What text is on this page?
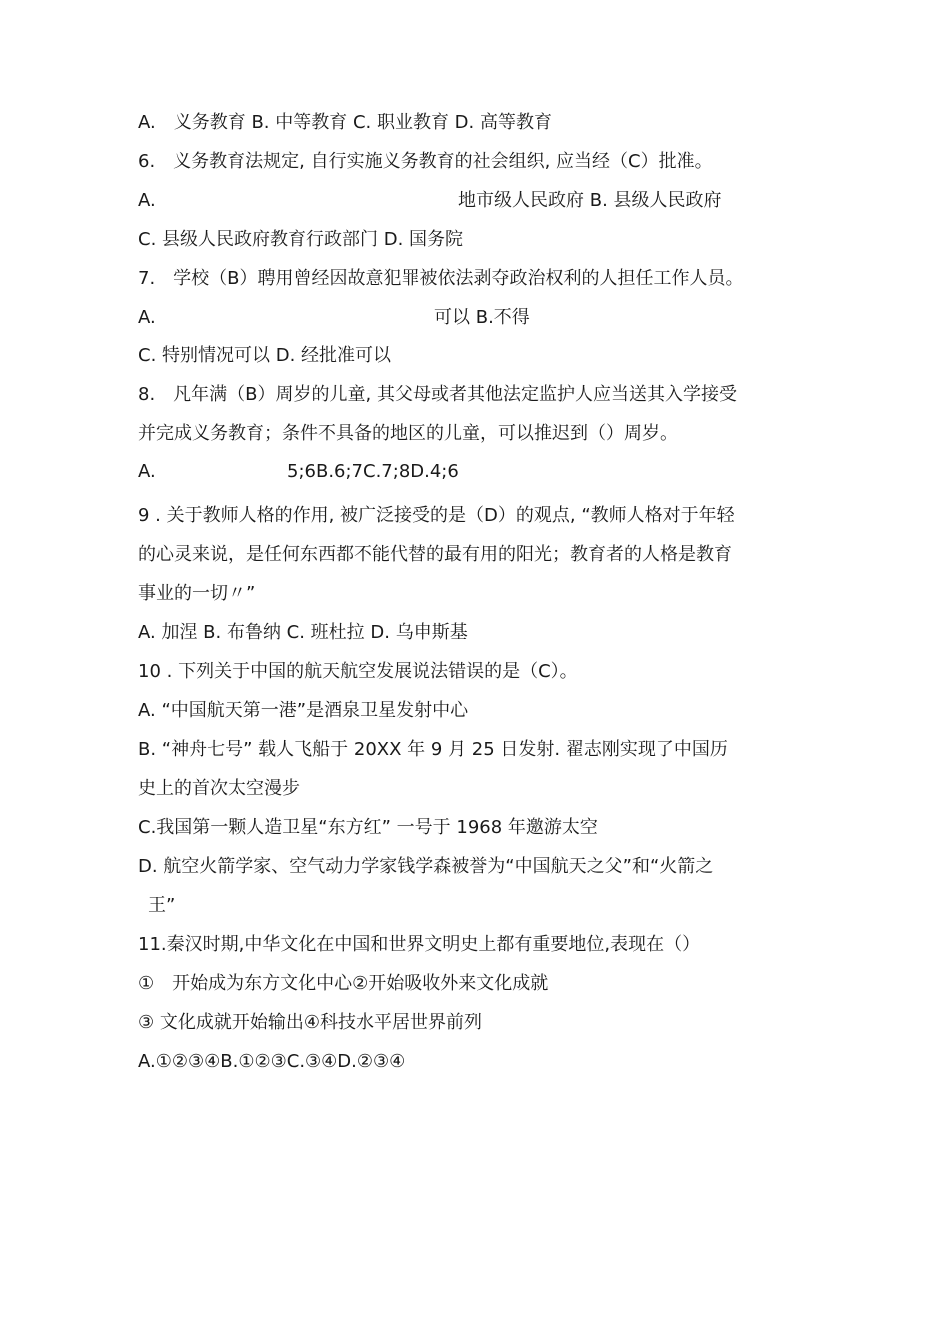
A.　义务教育 B. 中等教育 C. 职业教育 D. 高等教育
6.　义务教育法规定, 自行实施义务教育的社会组织, 应当经（C）批准。
A.	地市级人民政府 B. 县级人民政府
C. 县级人民政府教育行政部门 D. 国务院
7.　学校（B）聘用曾经因故意犯罪被依法剥夺政治权利的人担任工作人员。
A.	可以 B.不得
C. 特别情况可以 D. 经批准可以
8.　凡年满（B）周岁的儿童, 其父母或者其他法定监护人应当送其入学接受
并完成义务教育；条件不具备的地区的儿童，可以推迟到（）周岁。
A.	5;6B.6;7C.7;8D.4;6
9 . 关于教师人格的作用, 被广泛接受的是（D）的观点, “教师人格对于年轻
的心灵来说，是任何东西都不能代替的最有用的阳光；教育者的人格是教育
事业的一切〃”
A. 加涅 B. 布鲁纳 C. 班杜拉 D. 乌申斯基
10 . 下列关于中国的航天航空发展说法错误的是（C）。
A. “中国航天第一港”是酒泉卫星发射中心
B. “神舟七号” 载人飞船于 20XX 年 9 月 25 日发射. 翟志刚实现了中国历
史上的首次太空漫步
C.我国第一颗人造卫星“东方红” 一号于 1968 年邀游太空
D. 航空火箭学家、空气动力学家钱学森被誉为“中国航天之父”和“火箭之
王”
11.秦汉时期,中华文化在中国和世界文明史上都有重要地位,表现在（）
①　开始成为东方文化中心②开始吸收外来文化成就
③ 文化成就开始输出④科技水平居世界前列
A.①②③④B.①②③C.③④D.②③④
